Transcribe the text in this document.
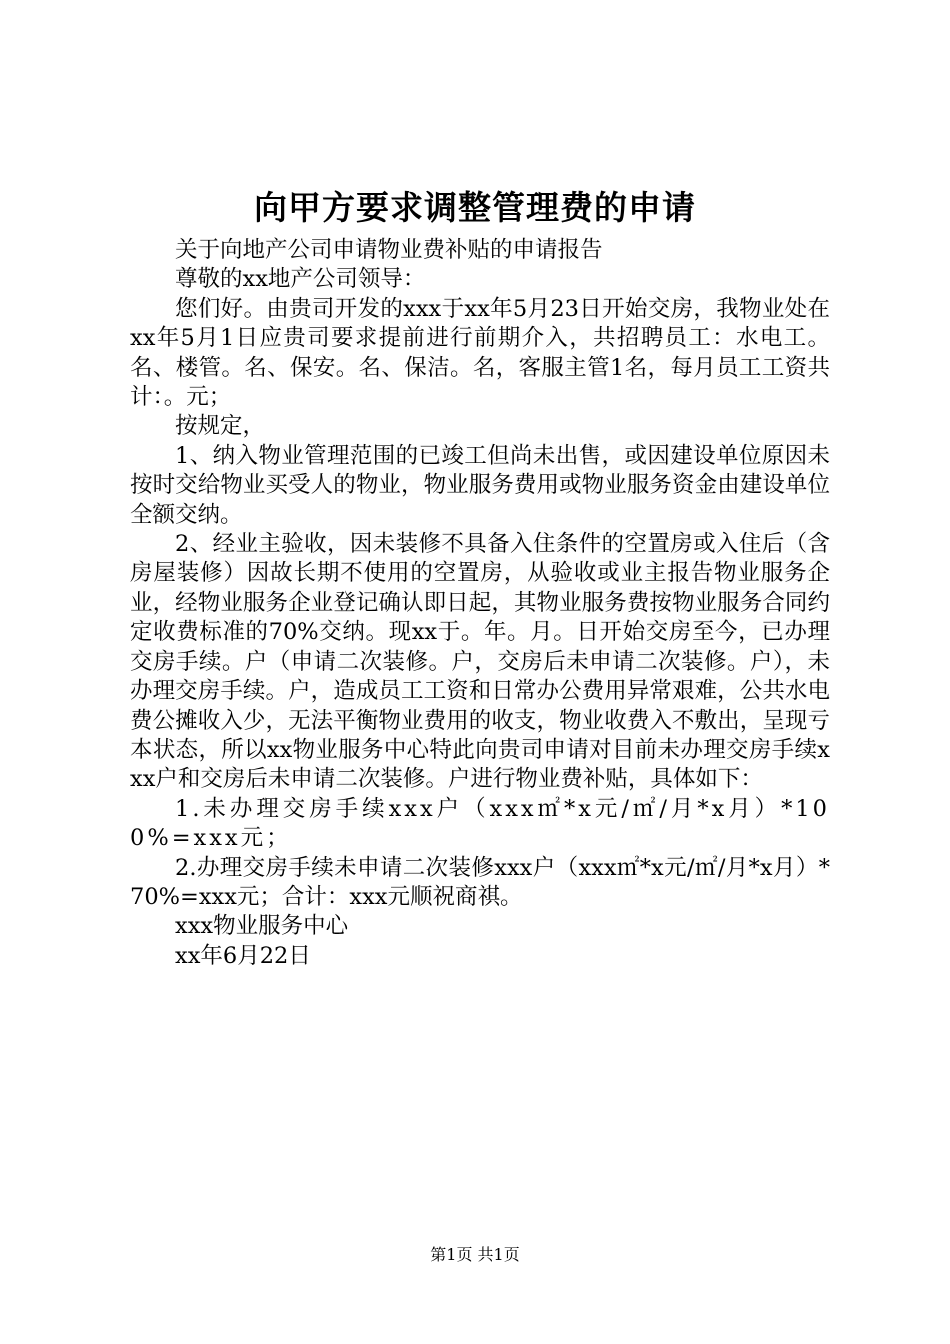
向甲方要求调整管理费的申请

关于向地产公司申请物业费补贴的申请报告

尊敬的xx地产公司领导：

您们好。由贵司开发的xxx于xx年5月23日开始交房，我物业处在xx年5月1日应贵司要求提前进行前期介入，共招聘员工：水电工。名、楼管。名、保安。名、保洁。名，客服主管1名，每月员工工资共计：。元；

按规定，

1、纳入物业管理范围的已竣工但尚未出售，或因建设单位原因未按时交给物业买受人的物业，物业服务费用或物业服务资金由建设单位全额交纳。

2、经业主验收，因未装修不具备入住条件的空置房或入住后（含房屋装修）因故长期不使用的空置房，从验收或业主报告物业服务企业，经物业服务企业登记确认即日起，其物业服务费按物业服务合同约定收费标准的70%交纳。现xx于。年。月。日开始交房至今，已办理交房手续。户（申请二次装修。户，交房后未申请二次装修。户），未办理交房手续。户，造成员工工资和日常办公费用异常艰难，公共水电费公摊收入少，无法平衡物业费用的收支，物业收费入不敷出，呈现亏本状态，所以xx物业服务中心特此向贵司申请对目前未办理交房手续xxx户和交房后未申请二次装修。户进行物业费补贴，具体如下：

1.未办理交房手续xxx户（xxx㎡*x元/㎡/月*x月）*100%=xxx元；

2.办理交房手续未申请二次装修xxx户（xxx㎡*x元/㎡/月*x月）*70%=xxx元；合计：xxx元顺祝商祺。

xxx物业服务中心

xx年6月22日

第1页 共1页
